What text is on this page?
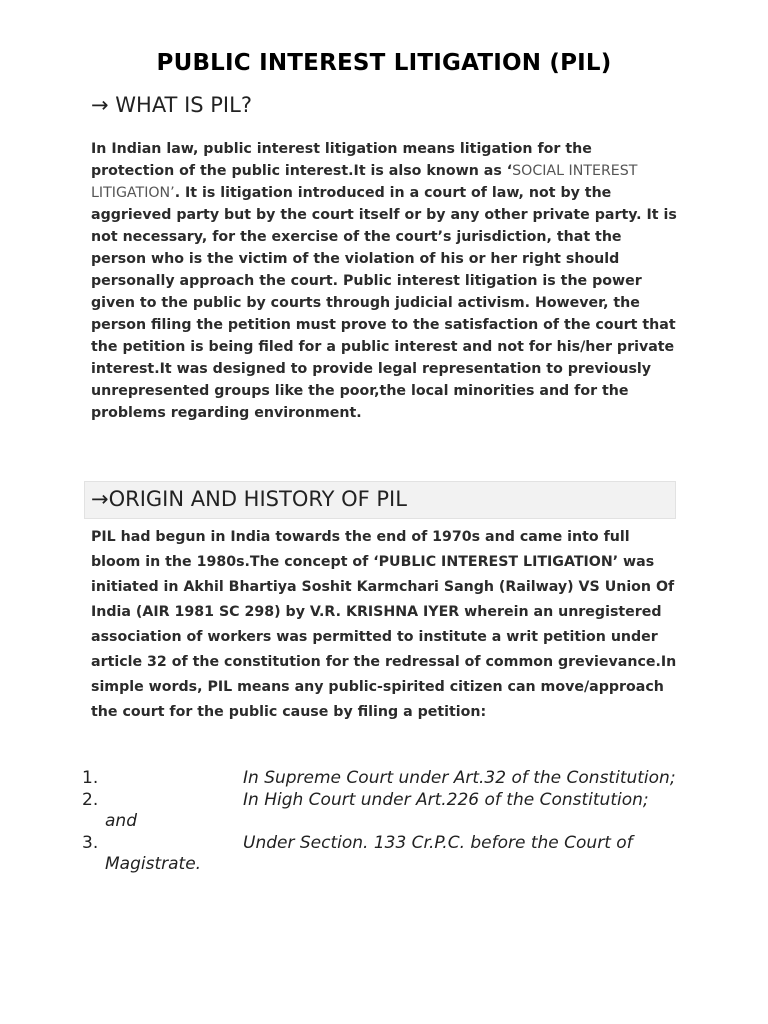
PUBLIC INTEREST LITIGATION (PIL)
→ WHAT IS PIL?

In Indian law, public interest litigation means litigation for the protection of the public interest.It is also known as ‘SOCIAL INTEREST LITIGATION’. It is litigation introduced in a court of law, not by the aggrieved party but by the court itself or by any other private party. It is not necessary, for the exercise of the court’s jurisdiction, that the person who is the victim of the violation of his or her right should personally approach the court. Public interest litigation is the power given to the public by courts through judicial activism. However, the person filing the petition must prove to the satisfaction of the court that the petition is being filed for a public interest and not for his/her private interest.It was designed to provide legal representation to previously unrepresented groups like the poor,the local minorities and for the problems regarding environment.

→ORIGIN AND HISTORY OF PIL

PIL had begun in India towards the end of 1970s and came into full bloom in the 1980s.The concept of ‘PUBLIC INTEREST LITIGATION’ was initiated in Akhil Bhartiya Soshit Karmchari Sangh (Railway) VS Union Of India (AIR 1981 SC 298) by V.R. KRISHNA IYER wherein an unregistered association of workers was permitted to institute a writ petition under article 32 of the constitution for the redressal of common grevievance.In simple words, PIL means any public-spirited citizen can move/approach the court for the public cause by filing a petition:

1.	In Supreme Court under Art.32 of the Constitution;
2.	In High Court under Art.226 of the Constitution; and
3.	Under Section. 133 Cr.P.C. before the Court of Magistrate.
